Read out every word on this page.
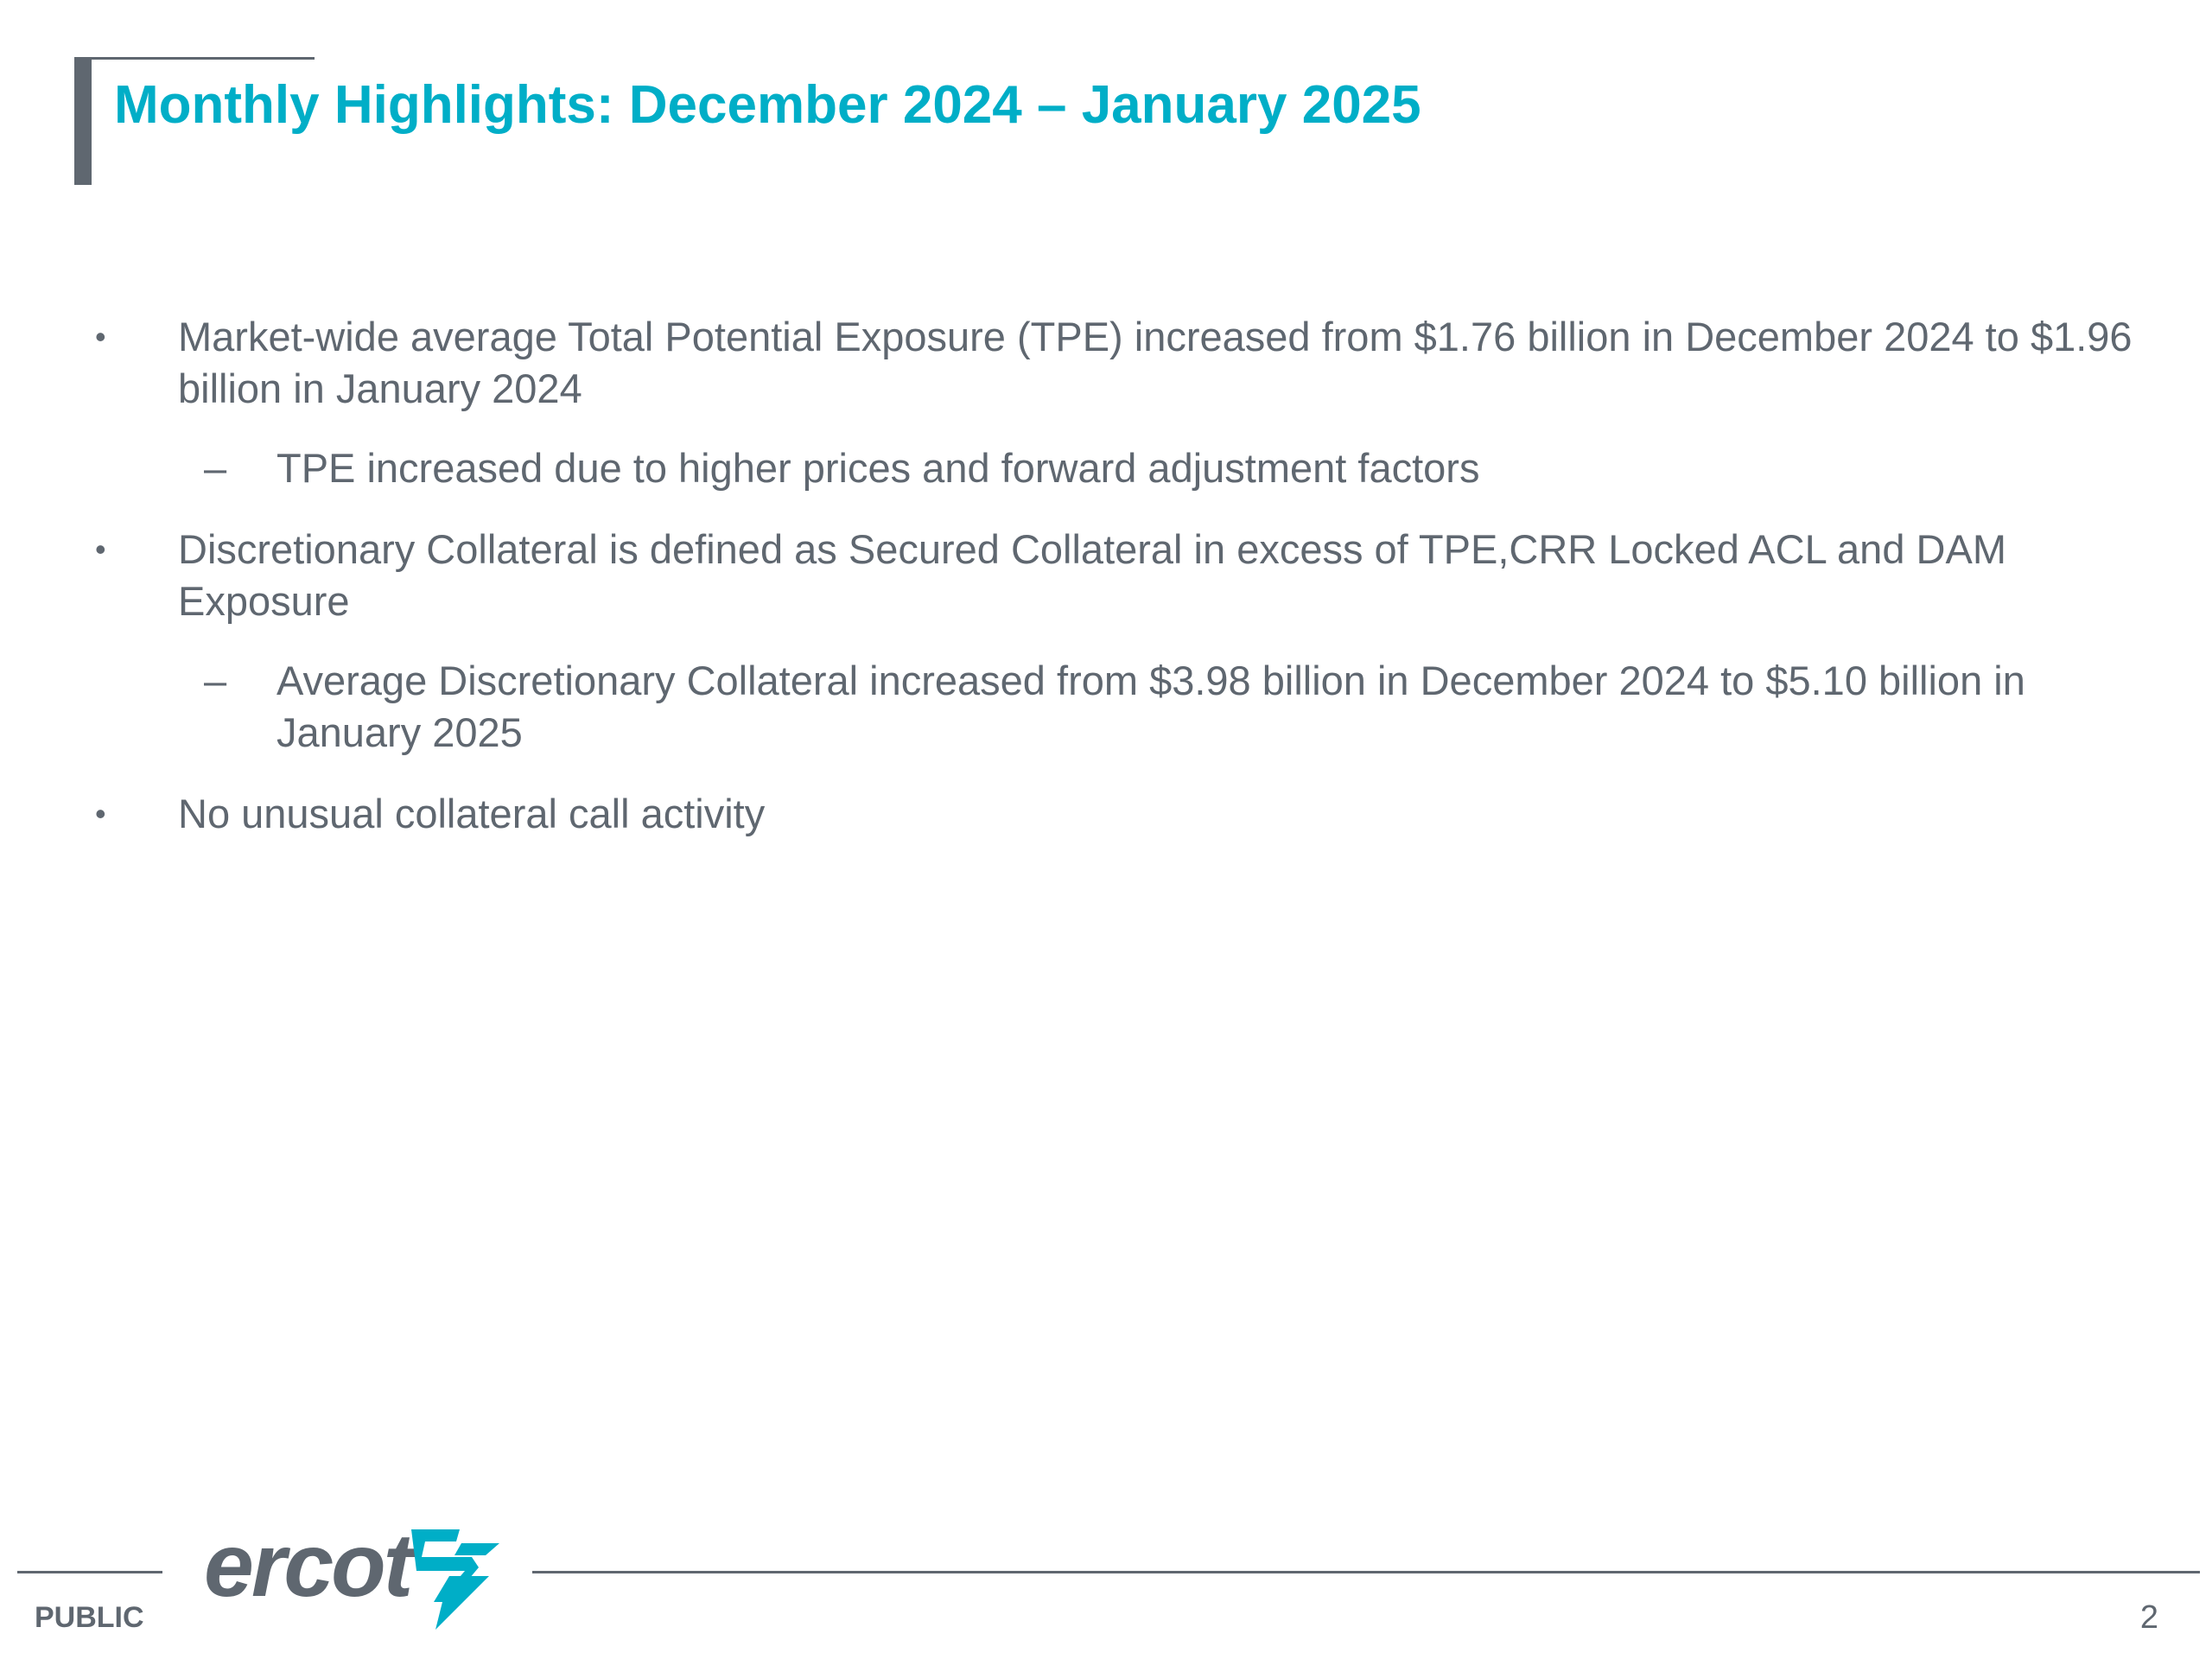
Monthly Highlights: December 2024 – January 2025
• Market-wide average Total Potential Exposure (TPE) increased from $1.76 billion in December 2024 to $1.96 billion in January 2024
– TPE increased due to higher prices and forward adjustment factors
• Discretionary Collateral is defined as Secured Collateral in excess of TPE,CRR Locked ACL and DAM Exposure
– Average Discretionary Collateral increased from $3.98 billion in December 2024 to $5.10 billion in January 2025
• No unusual collateral call activity
ercot
PUBLIC	2
